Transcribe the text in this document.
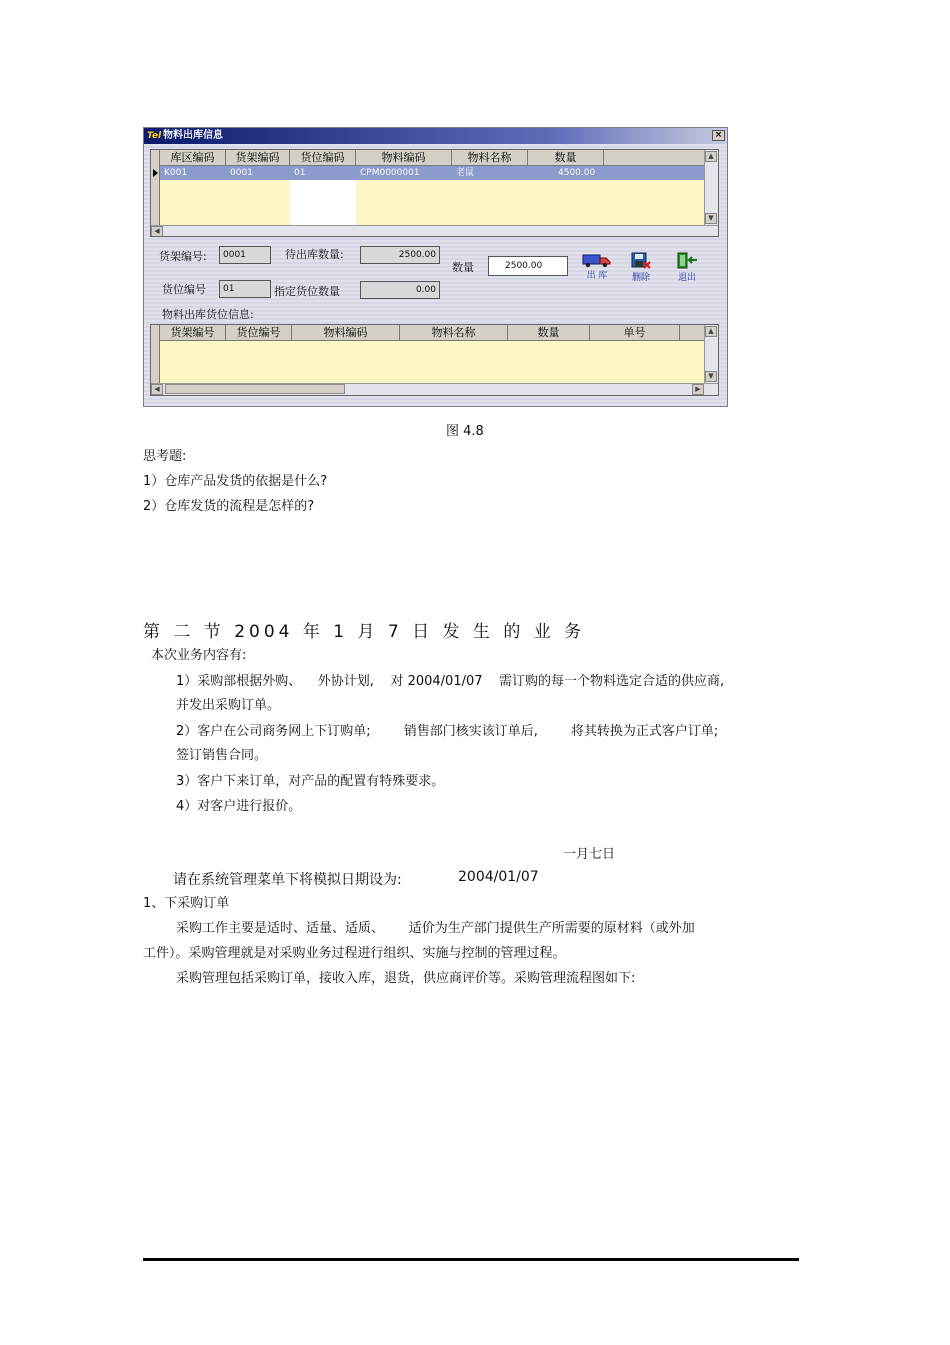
Tel 物料出库信息	×
库区编码	货架编码	货位编码	物料编码	物料名称	数量
K001	0001	01	CPM0000001	老鼠	4500.00
▲
▼
◀
货架编号:	0001	待出库数量:	2500.00
数量	2500.00
货位编号	01	指定货位数量	0.00
出 库	删除	退出
物料出库货位信息:
货架编号	货位编号	物料编码	物料名称	数量	单号	▲
▼
◀	▶
图 4.8
思考题:
1）仓库产品发货的依据是什么?
2）仓库发货的流程是怎样的?
第 二 节 2004 年 1 月 7 日 发 生 的 业 务
本次业务内容有:
1）采购部根据外购、    外协计划,    对 2004/01/07    需订购的每一个物料选定合适的供应商,
并发出采购订单。
2）客户在公司商务网上下订购单;        销售部门核实该订单后,        将其转换为正式客户订单;
签订销售合同。
3）客户下来订单，对产品的配置有特殊要求。
4）对客户进行报价。
一月七日
请在系统管理菜单下将模拟日期设为:	2004/01/07
1、下采购订单
采购工作主要是适时、适量、适质、      适价为生产部门提供生产所需要的原材料（或外加
工件）。采购管理就是对采购业务过程进行组织、实施与控制的管理过程。
采购管理包括采购订单，接收入库，退货，供应商评价等。采购管理流程图如下:
